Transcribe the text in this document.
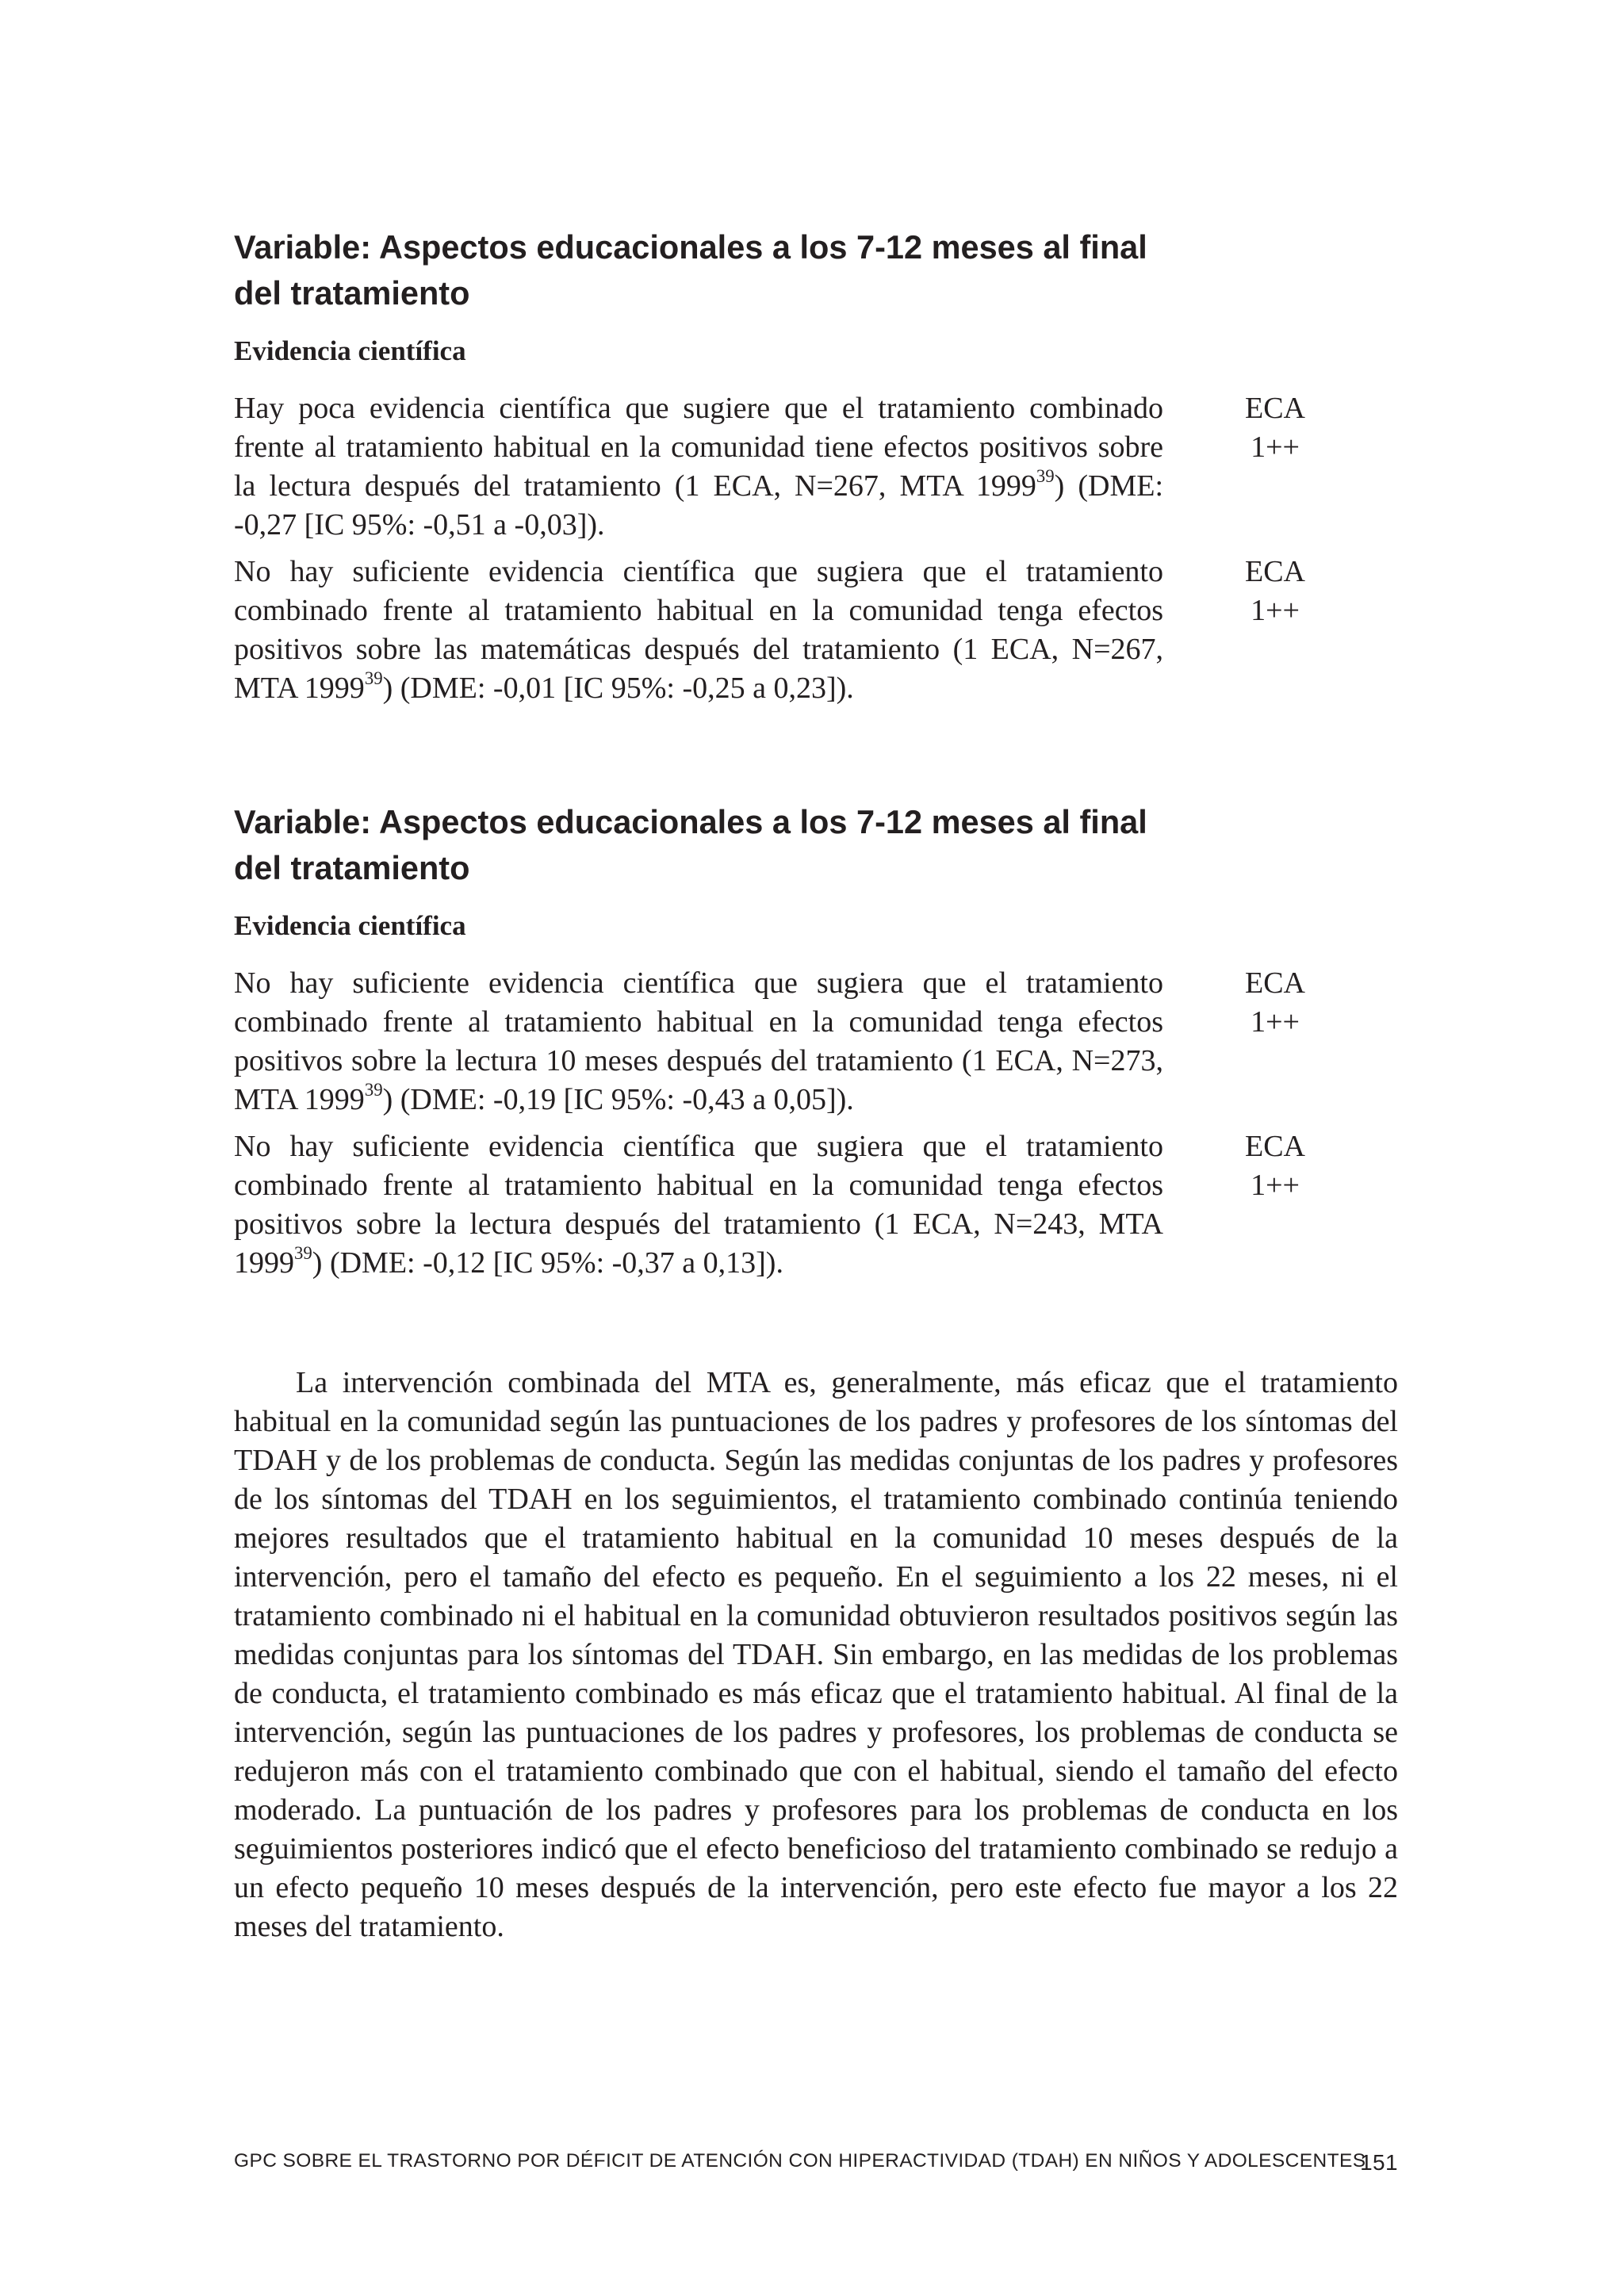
Variable: Aspectos educacionales a los 7-12 meses al final del tratamiento
Evidencia científica

Hay poca evidencia científica que sugiere que el tratamiento combinado frente al tratamiento habitual en la comunidad tiene efectos positivos sobre la lectura después del tratamiento (1 ECA, N=267, MTA 1999$^{39}$) (DME: -0,27 [IC 95%: -0,51 a -0,03]).

ECA
1++

No hay suficiente evidencia científica que sugiera que el tratamiento combinado frente al tratamiento habitual en la comunidad tenga efectos positivos sobre las matemáticas después del tratamiento (1 ECA, N=267, MTA 1999$^{39}$) (DME: -0,01 [IC 95%: -0,25 a 0,23]).

ECA
1++
Variable: Aspectos educacionales a los 7-12 meses al final del tratamiento
Evidencia científica

No hay suficiente evidencia científica que sugiera que el tratamiento combinado frente al tratamiento habitual en la comunidad tenga efectos positivos sobre la lectura 10 meses después del tratamiento (1 ECA, N=273, MTA 1999$^{39}$) (DME: -0,19 [IC 95%: -0,43 a 0,05]).

ECA
1++

No hay suficiente evidencia científica que sugiera que el tratamiento combinado frente al tratamiento habitual en la comunidad tenga efectos positivos sobre la lectura después del tratamiento (1 ECA, N=243, MTA 1999$^{39}$) (DME: -0,12 [IC 95%: -0,37 a 0,13]).

ECA
1++

La intervención combinada del MTA es, generalmente, más eficaz que el tratamiento habitual en la comunidad según las puntuaciones de los padres y profesores de los síntomas del TDAH y de los problemas de conducta. Según las medidas conjuntas de los padres y profesores de los síntomas del TDAH en los seguimientos, el tratamiento combinado continúa teniendo mejores resultados que el tratamiento habitual en la comunidad 10 meses después de la intervención, pero el tamaño del efecto es pequeño. En el seguimiento a los 22 meses, ni el tratamiento combinado ni el habitual en la comunidad obtuvieron resultados positivos según las medidas conjuntas para los síntomas del TDAH. Sin embargo, en las medidas de los problemas de conducta, el tratamiento combinado es más eficaz que el tratamiento habitual. Al final de la intervención, según las puntuaciones de los padres y profesores, los problemas de conducta se redujeron más con el tratamiento combinado que con el habitual, siendo el tamaño del efecto moderado. La puntuación de los padres y profesores para los problemas de conducta en los seguimientos posteriores indicó que el efecto beneficioso del tratamiento combinado se redujo a un efecto pequeño 10 meses después de la intervención, pero este efecto fue mayor a los 22 meses del tratamiento.

GPC SOBRE EL TRASTORNO POR DÉFICIT DE ATENCIÓN CON HIPERACTIVIDAD (TDAH) EN NIÑOS Y ADOLESCENTES
151
